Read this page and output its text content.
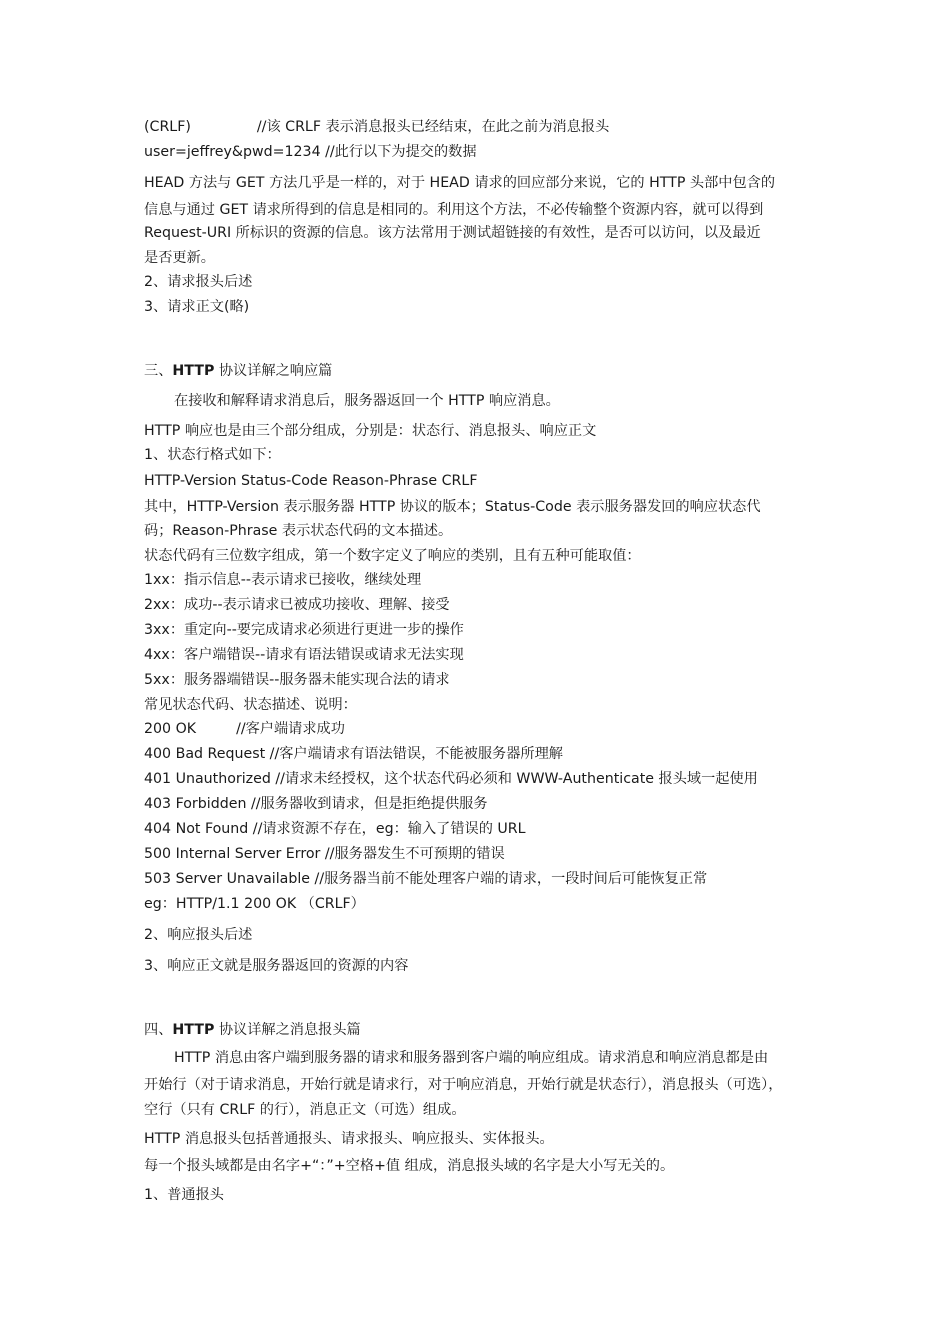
(CRLF)	//该 CRLF 表示消息报头已经结束，在此之前为消息报头
user=jeffrey&pwd=1234 //此行以下为提交的数据
HEAD 方法与 GET 方法几乎是一样的，对于 HEAD 请求的回应部分来说，它的 HTTP 头部中包含的
信息与通过 GET 请求所得到的信息是相同的。利用这个方法，不必传输整个资源内容，就可以得到
Request-URI 所标识的资源的信息。该方法常用于测试超链接的有效性，是否可以访问，以及最近
是否更新。
2、请求报头后述
3、请求正文(略)
三、HTTP 协议详解之响应篇
在接收和解释请求消息后，服务器返回一个 HTTP 响应消息。
HTTP 响应也是由三个部分组成，分别是：状态行、消息报头、响应正文
1、状态行格式如下：
HTTP-Version Status-Code Reason-Phrase CRLF
其中，HTTP-Version 表示服务器 HTTP 协议的版本；Status-Code 表示服务器发回的响应状态代
码；Reason-Phrase 表示状态代码的文本描述。
状态代码有三位数字组成，第一个数字定义了响应的类别，且有五种可能取值：
1xx：指示信息--表示请求已接收，继续处理
2xx：成功--表示请求已被成功接收、理解、接受
3xx：重定向--要完成请求必须进行更进一步的操作
4xx：客户端错误--请求有语法错误或请求无法实现
5xx：服务器端错误--服务器未能实现合法的请求
常见状态代码、状态描述、说明：
200 OK	//客户端请求成功
400 Bad Request //客户端请求有语法错误，不能被服务器所理解
401 Unauthorized //请求未经授权，这个状态代码必须和 WWW-Authenticate 报头域一起使用
403 Forbidden //服务器收到请求，但是拒绝提供服务
404 Not Found //请求资源不存在，eg：输入了错误的 URL
500 Internal Server Error //服务器发生不可预期的错误
503 Server Unavailable //服务器当前不能处理客户端的请求，一段时间后可能恢复正常
eg：HTTP/1.1 200 OK （CRLF）
2、响应报头后述
3、响应正文就是服务器返回的资源的内容
四、HTTP 协议详解之消息报头篇
HTTP 消息由客户端到服务器的请求和服务器到客户端的响应组成。请求消息和响应消息都是由
开始行（对于请求消息，开始行就是请求行，对于响应消息，开始行就是状态行），消息报头（可选），
空行（只有 CRLF 的行），消息正文（可选）组成。
HTTP 消息报头包括普通报头、请求报头、响应报头、实体报头。
每一个报头域都是由名字+“：”+空格+值 组成，消息报头域的名字是大小写无关的。
1、普通报头
